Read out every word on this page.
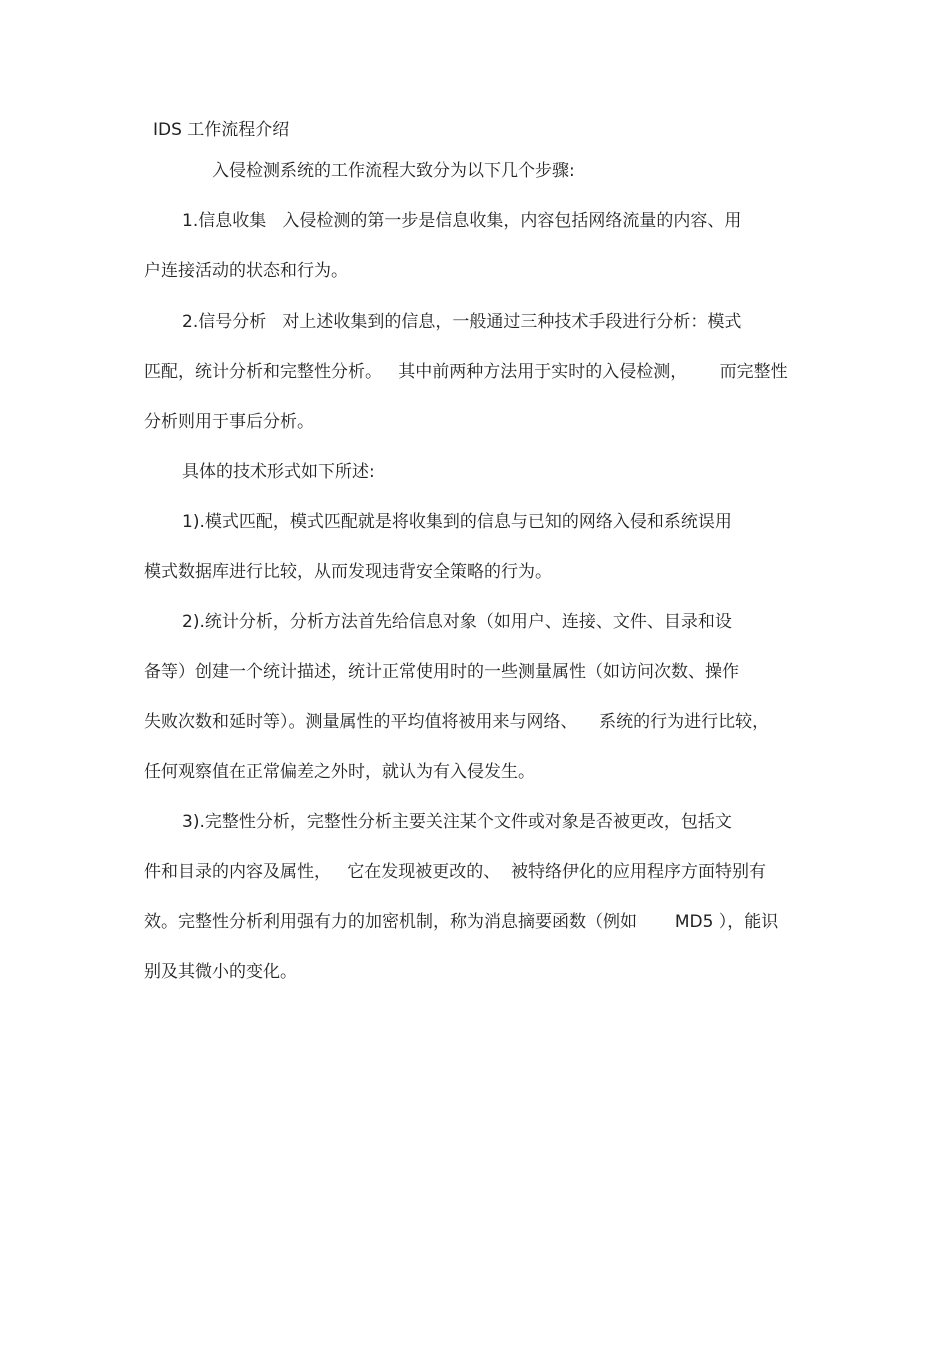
IDS 工作流程介绍
入侵检测系统的工作流程大致分为以下几个步骤:
1.信息收集   入侵检测的第一步是信息收集，内容包括网络流量的内容、用
户连接活动的状态和行为。
2.信号分析   对上述收集到的信息，一般通过三种技术手段进行分析：模式
匹配，统计分析和完整性分析。   其中前两种方法用于实时的入侵检测，      而完整性
分析则用于事后分析。
具体的技术形式如下所述:
1).模式匹配，模式匹配就是将收集到的信息与已知的网络入侵和系统误用
模式数据库进行比较，从而发现违背安全策略的行为。
2).统计分析，分析方法首先给信息对象（如用户、连接、文件、目录和设
备等）创建一个统计描述，统计正常使用时的一些测量属性（如访问次数、操作
失败次数和延时等）。测量属性的平均值将被用来与网络、    系统的行为进行比较，
任何观察值在正常偏差之外时，就认为有入侵发生。
3).完整性分析，完整性分析主要关注某个文件或对象是否被更改，包括文
件和目录的内容及属性，   它在发现被更改的、  被特络伊化的应用程序方面特别有
效。完整性分析利用强有力的加密机制，称为消息摘要函数（例如       MD5 ），能识
别及其微小的变化。
